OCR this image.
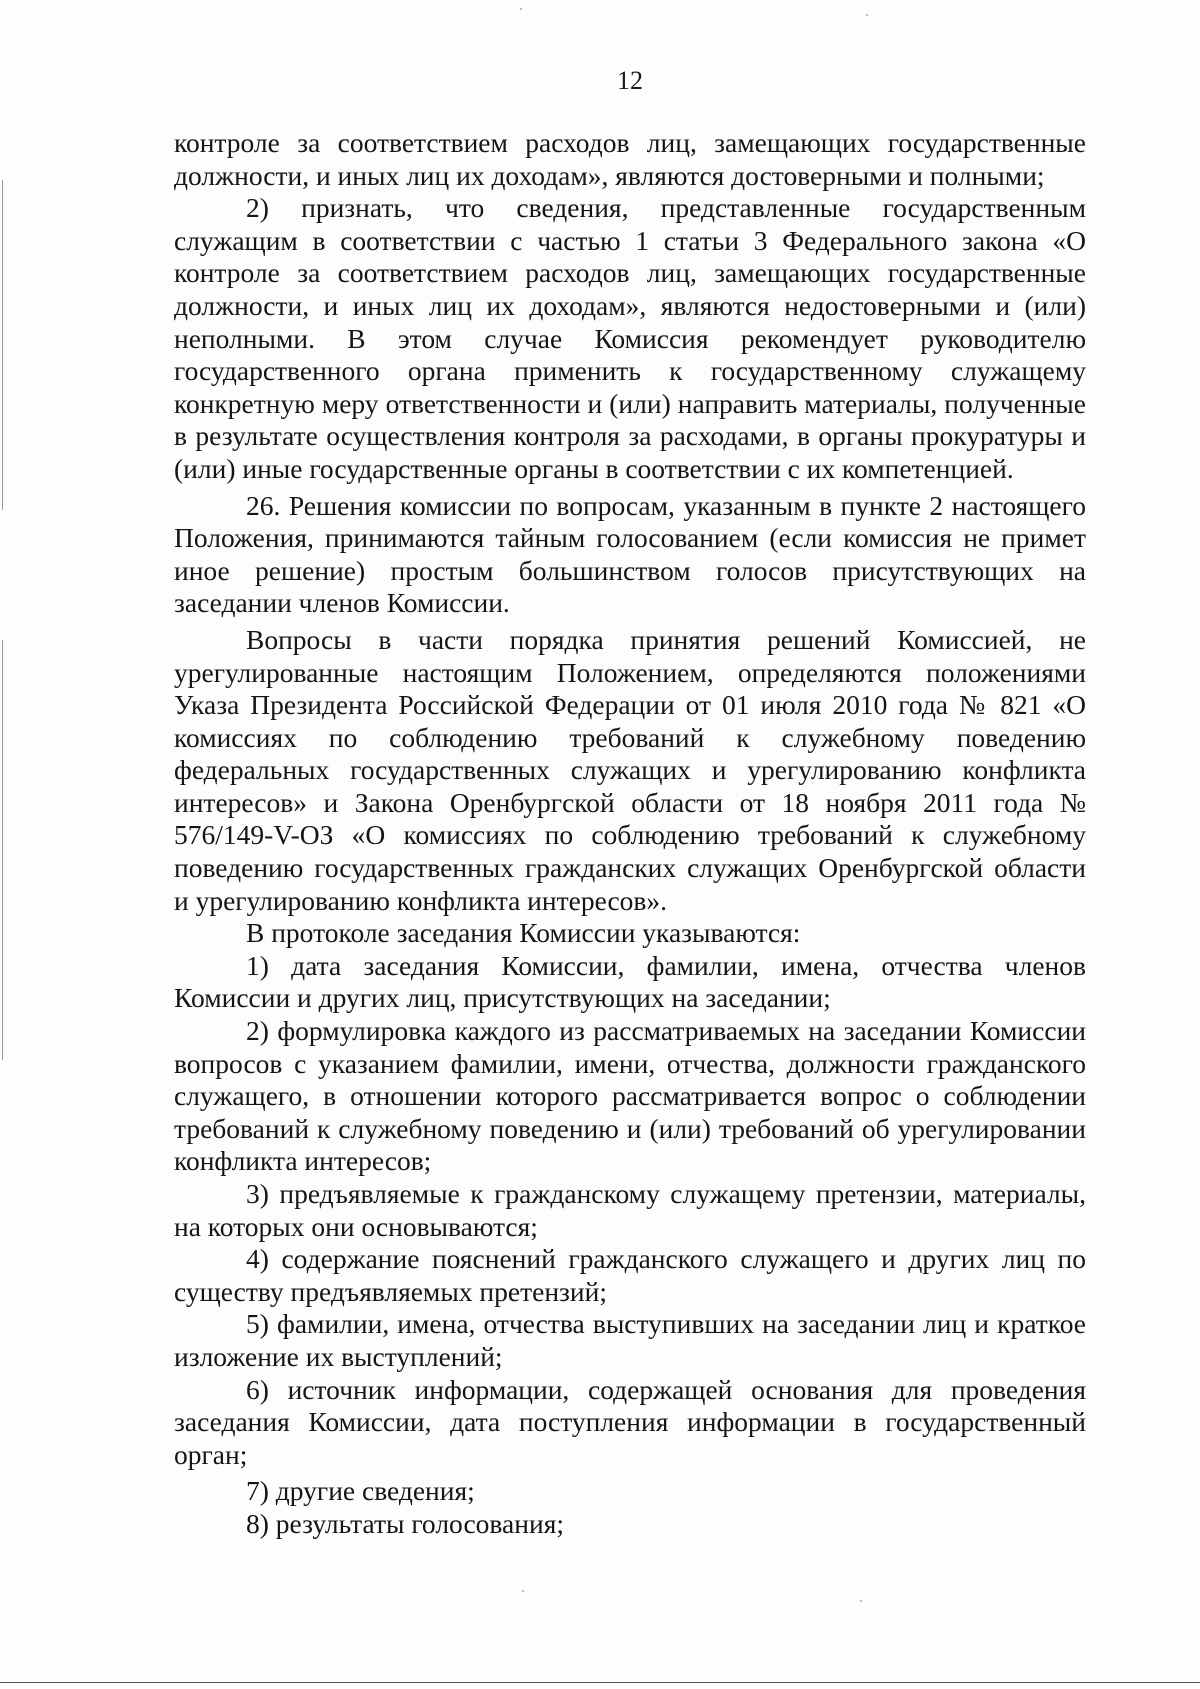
12

контроле за соответствием расходов лиц, замещающих государственные должности, и иных лиц их доходам», являются достоверными и полными;

2) признать, что сведения, представленные государственным служащим в соответствии с частью 1 статьи 3 Федерального закона «О контроле за соответствием расходов лиц, замещающих государственные должности, и иных лиц их доходам», являются недостоверными и (или) неполными. В этом случае Комиссия рекомендует руководителю государственного органа применить к государственному служащему конкретную меру ответственности и (или) направить материалы, полученные в результате осуществления контроля за расходами, в органы прокуратуры и (или) иные государственные органы в соответствии с их компетенцией.

26. Решения комиссии по вопросам, указанным в пункте 2 настоящего Положения, принимаются тайным голосованием (если комиссия не примет иное решение) простым большинством голосов присутствующих на заседании членов Комиссии.

Вопросы в части порядка принятия решений Комиссией, не урегулированные настоящим Положением, определяются положениями Указа Президента Российской Федерации от 01 июля 2010 года № 821 «О комиссиях по соблюдению требований к служебному поведению федеральных государственных служащих и урегулированию конфликта интересов» и Закона Оренбургской области от 18 ноября 2011 года № 576/149-V-ОЗ «О комиссиях по соблюдению требований к служебному поведению государственных гражданских служащих Оренбургской области и урегулированию конфликта интересов».

В протоколе заседания Комиссии указываются:

1) дата заседания Комиссии, фамилии, имена, отчества членов Комиссии и других лиц, присутствующих на заседании;

2) формулировка каждого из рассматриваемых на заседании Комиссии вопросов с указанием фамилии, имени, отчества, должности гражданского служащего, в отношении которого рассматривается вопрос о соблюдении требований к служебному поведению и (или) требований об урегулировании конфликта интересов;

3) предъявляемые к гражданскому служащему претензии, материалы, на которых они основываются;

4) содержание пояснений гражданского служащего и других лиц по существу предъявляемых претензий;

5) фамилии, имена, отчества выступивших на заседании лиц и краткое изложение их выступлений;

6) источник информации, содержащей основания для проведения заседания Комиссии, дата поступления информации в государственный орган;

7) другие сведения;

8) результаты голосования;
